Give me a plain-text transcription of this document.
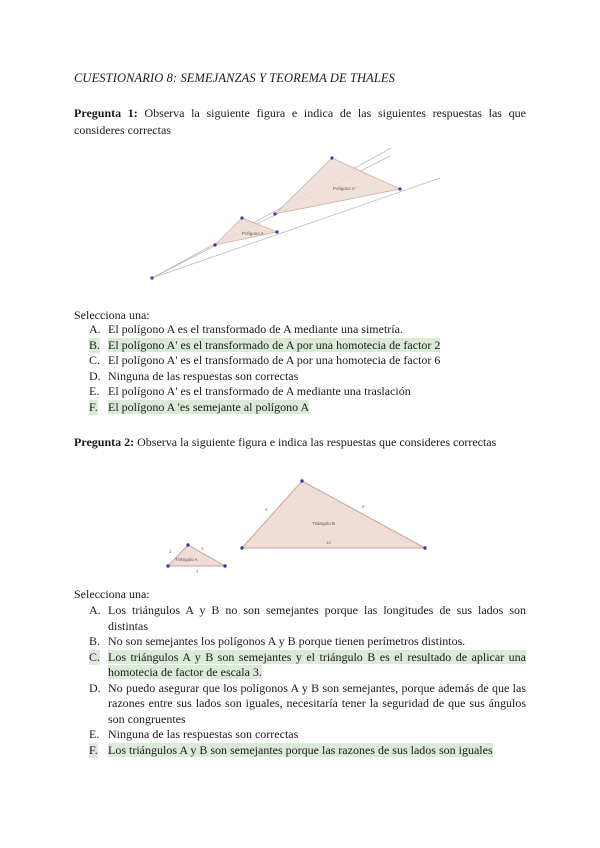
CUESTIONARIO 8: SEMEJANZAS Y TEOREMA DE THALES
Pregunta 1: Observa la siguiente figura e indica de las siguientes respuestas las que consideres correctas
Polígono A
Polígono A'
Selecciona una:
A. El polígono A es el transformado de A mediante una simetría.
B. El polígono A' es el transformado de A por una homotecia de factor 2
C. El polígono A' es el transformado de A por una homotecia de factor 6
D. Ninguna de las respuestas son correctas
E. El polígono A' es el transformado de A mediante una traslación
F. El polígono A 'es semejante al polígono A
Pregunta 2: Observa la siguiente figura e indica las respuestas que consideres correctas
Triángulo B
6
9
12
Triángulo A
2
3
4
Selecciona una:
A. Los triángulos A y B no son semejantes porque las longitudes de sus lados son distintas
B. No son semejantes los polígonos A y B porque tienen perímetros distintos.
C. Los triángulos A y B son semejantes y el triángulo B es el resultado de aplicar una homotecia de factor de escala 3.
D. No puedo asegurar que los polígonos A y B son semejantes, porque además de que las razones entre sus lados son iguales, necesitaría tener la seguridad de que sus ángulos son congruentes
E. Ninguna de las respuestas son correctas
F. Los triángulos A y B son semejantes porque las razones de sus lados son iguales
